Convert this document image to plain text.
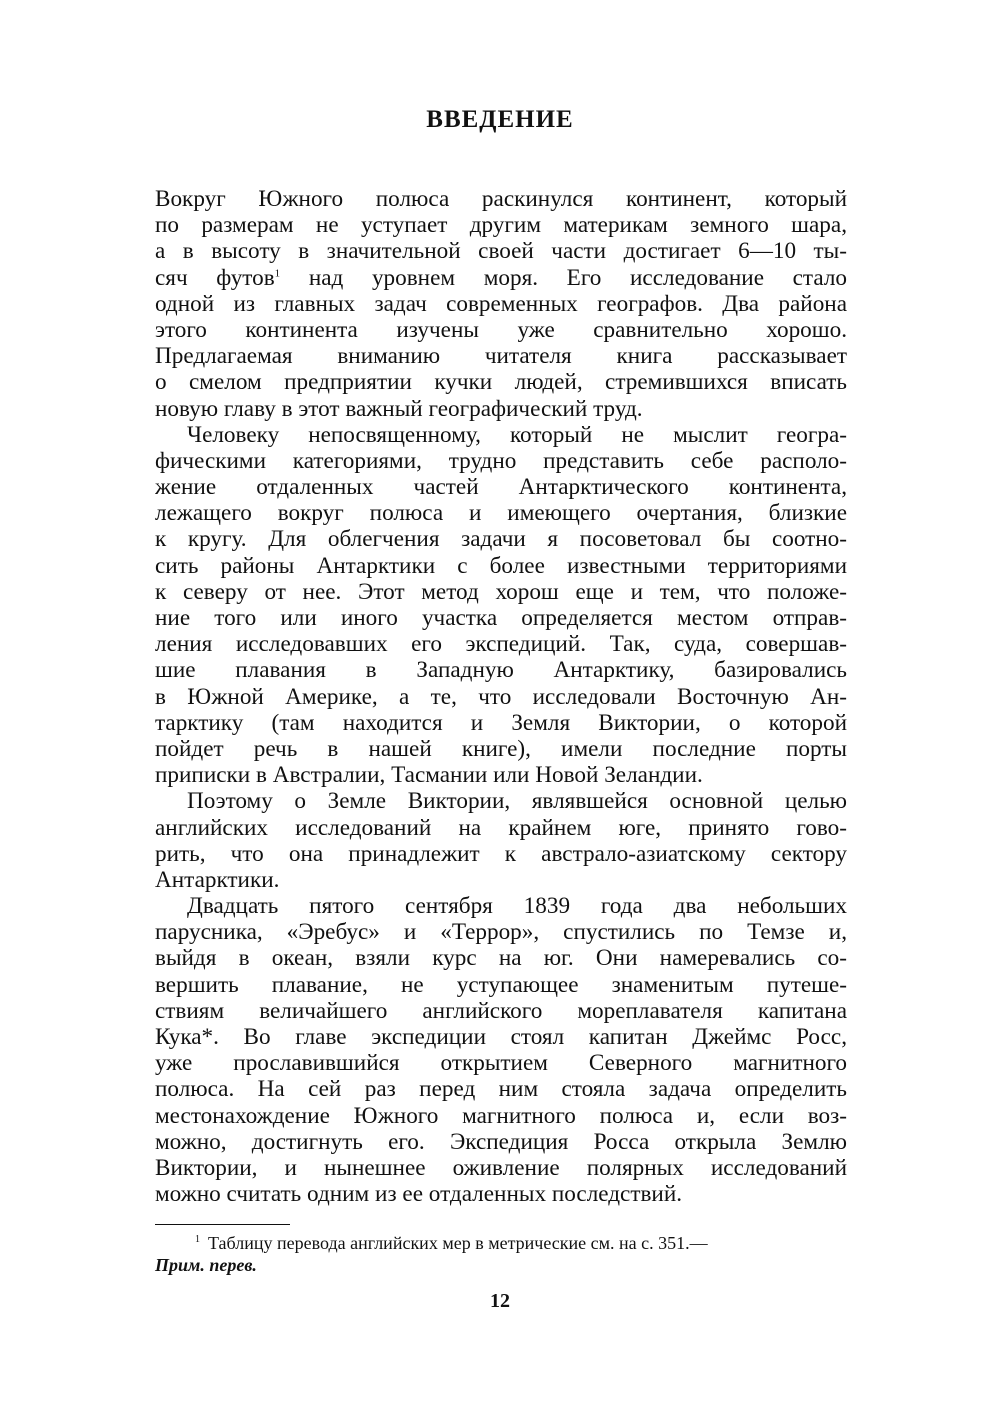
ВВЕДЕНИЕ
Вокруг Южного полюса раскинулся континент, который
по размерам не уступает другим материкам земного шара,
а в высоту в значительной своей части достигает 6—10 ты-
сяч футов$^1$ над уровнем моря. Его исследование стало
одной из главных задач современных географов. Два района
этого континента изучены уже сравнительно хорошо.
Предлагаемая вниманию читателя книга рассказывает
о смелом предприятии кучки людей, стремившихся вписать
новую главу в этот важный географический труд.
Человеку непосвященному, который не мыслит геогра-
фическими категориями, трудно представить себе располо-
жение отдаленных частей Антарктического континента,
лежащего вокруг полюса и имеющего очертания, близкие
к кругу. Для облегчения задачи я посоветовал бы соотно-
сить районы Антарктики с более известными территориями
к северу от нее. Этот метод хорош еще и тем, что положе-
ние того или иного участка определяется местом отправ-
ления исследовавших его экспедиций. Так, суда, совершав-
шие плавания в Западную Антарктику, базировались
в Южной Америке, а те, что исследовали Восточную Ан-
тарктику (там находится и Земля Виктории, о которой
пойдет речь в нашей книге), имели последние порты
приписки в Австралии, Тасмании или Новой Зеландии.
Поэтому о Земле Виктории, являвшейся основной целью
английских исследований на крайнем юге, принято гово-
рить, что она принадлежит к австрало-азиатскому сектору
Антарктики.
Двадцать пятого сентября 1839 года два небольших
парусника, «Эребус» и «Террор», спустились по Темзе и,
выйдя в океан, взяли курс на юг. Они намеревались со-
вершить плавание, не уступающее знаменитым путеше-
ствиям величайшего английского мореплавателя капитана
Кука*. Во главе экспедиции стоял капитан Джеймс Росс,
уже прославившийся открытием Северного магнитного
полюса. На сей раз перед ним стояла задача определить
местонахождение Южного магнитного полюса и, если воз-
можно, достигнуть его. Экспедиция Росса открыла Землю
Виктории, и нынешнее оживление полярных исследований
можно считать одним из ее отдаленных последствий.
$^1$ Таблицу перевода английских мер в метрические см. на с. 351.—
Прим. перев.
12
